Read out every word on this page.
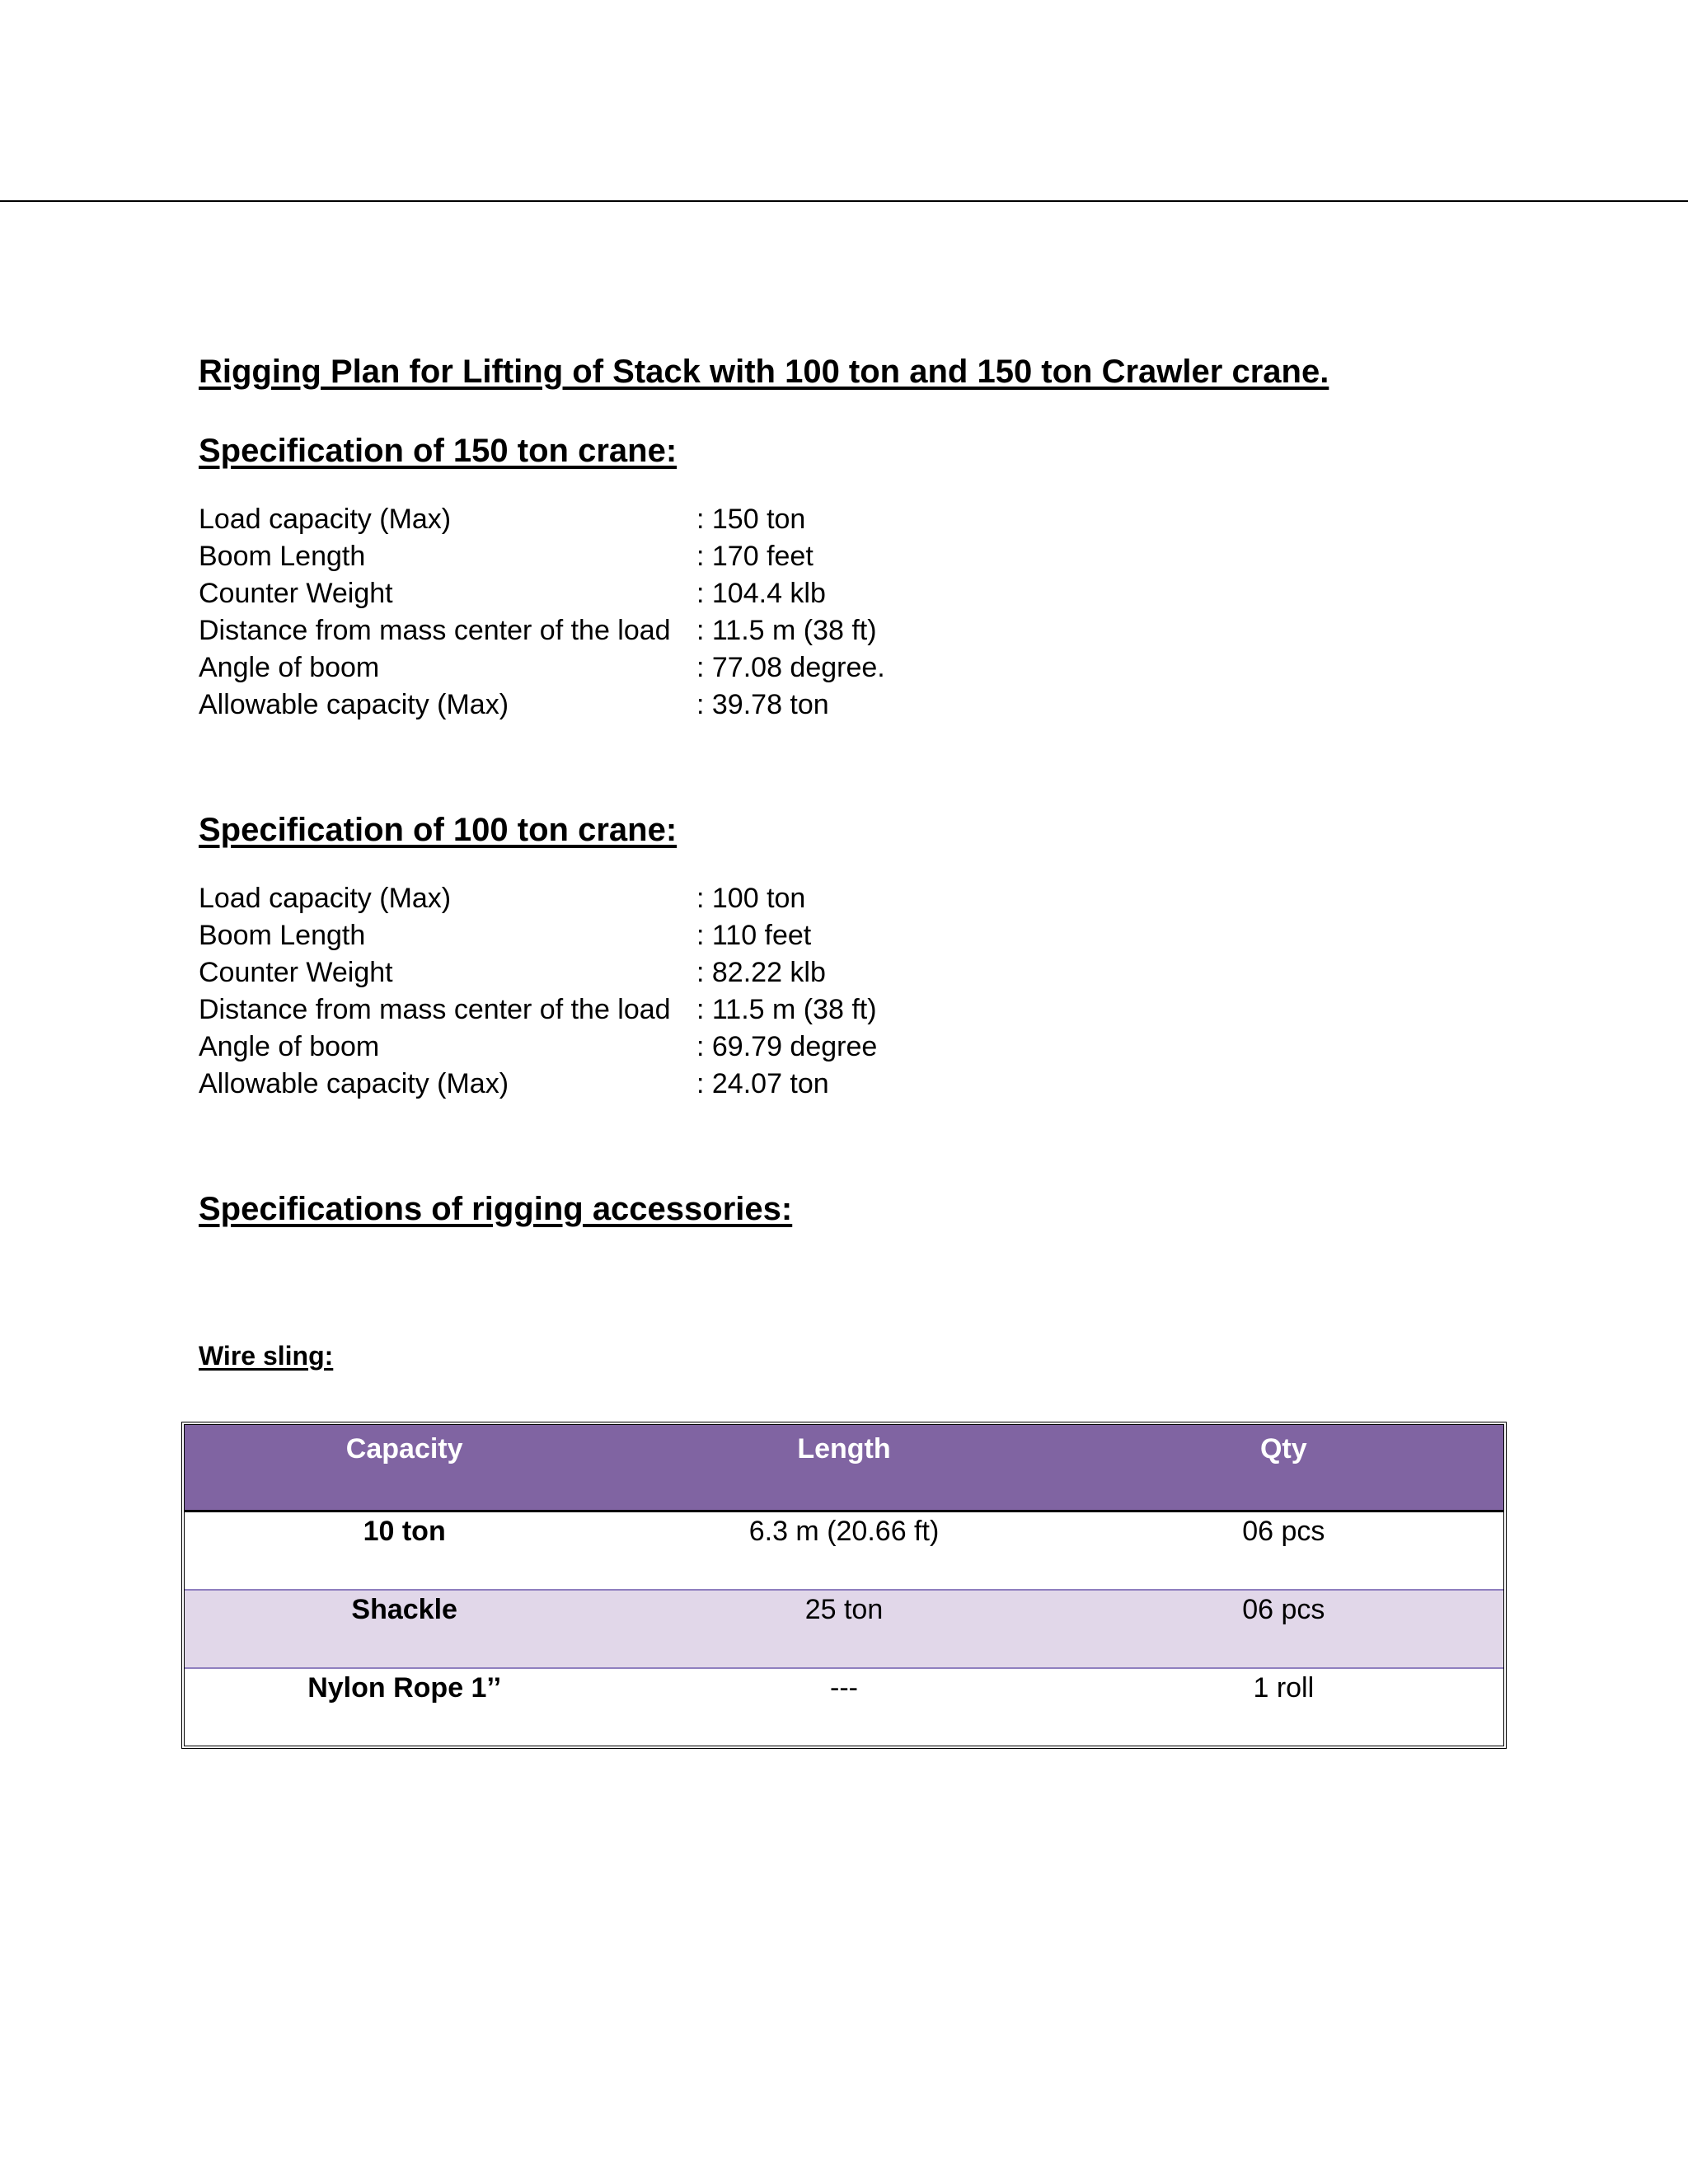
Rigging Plan for Lifting of Stack with 100 ton and 150 ton Crawler crane.
Specification of 150 ton crane:
Load capacity (Max)	: 150 ton
Boom Length	: 170 feet
Counter Weight	: 104.4 klb
Distance from mass center of the load : 11.5 m (38 ft)
Angle of boom	: 77.08 degree.
Allowable capacity (Max)	: 39.78 ton
Specification of 100 ton crane:
Load capacity (Max)	: 100 ton
Boom Length	: 110 feet
Counter Weight	: 82.22 klb
Distance from mass center of the load : 11.5 m (38 ft)
Angle of boom	: 69.79 degree
Allowable capacity (Max)	: 24.07 ton
Specifications of rigging accessories:
Wire sling:
Capacity	Length	Qty
10 ton	6.3 m (20.66 ft)	06 pcs
Shackle	25 ton	06 pcs
Nylon Rope 1’’	---	1 roll
